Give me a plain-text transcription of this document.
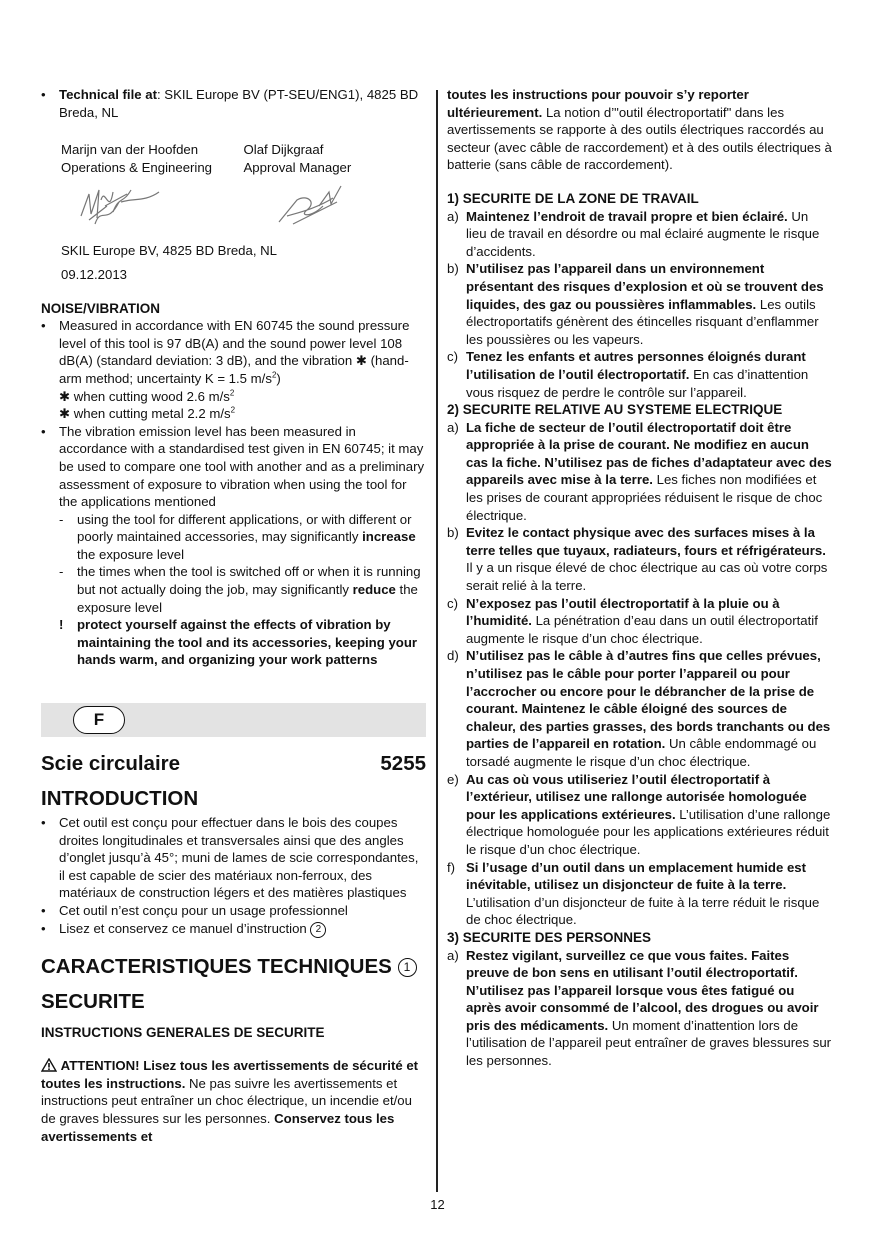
• Technical file at: SKIL Europe BV (PT-SEU/ENG1), 4825 BD Breda, NL

Marijn van der Hoofden
Operations & Engineering
Olaf Dijkgraaf
Approval Manager

SKIL Europe BV, 4825 BD Breda, NL

09.12.2013

NOISE/VIBRATION

• Measured in accordance with EN 60745 the sound pressure level of this tool is 97 dB(A) and the sound power level 108 dB(A) (standard deviation: 3 dB), and the vibration ✱ (hand-arm method; uncertainty K = 1.5 $m/s^2$)
✱ when cutting wood 2.6 $m/s^2$
✱ when cutting metal 2.2 $m/s^2$

• The vibration emission level has been measured in accordance with a standardised test given in EN 60745; it may be used to compare one tool with another and as a preliminary assessment of exposure to vibration when using the tool for the applications mentioned

- using the tool for different applications, or with different or poorly maintained accessories, may significantly increase the exposure level

- the times when the tool is switched off or when it is running but not actually doing the job, may significantly reduce the exposure level

! protect yourself against the effects of vibration by maintaining the tool and its accessories, keeping your hands warm, and organizing your work patterns

F
Scie circulaire	5255

INTRODUCTION

• Cet outil est conçu pour effectuer dans le bois des coupes droites longitudinales et transversales ainsi que des angles d’onglet jusqu’à 45°; muni de lames de scie correspondantes, il est capable de scier des matériaux non-ferroux, des matériaux de construction légers et des matières plastiques

• Cet outil n’est conçu pour un usage professionnel

• Lisez et conservez ce manuel d’instruction 2

CARACTERISTIQUES TECHNIQUES 1

SECURITE

INSTRUCTIONS GENERALES DE SECURITE

ATTENTION! Lisez tous les avertissements de sécurité et toutes les instructions. Ne pas suivre les avertissements et instructions peut entraîner un choc électrique, un incendie et/ou de graves blessures sur les personnes. Conservez tous les avertissements et

toutes les instructions pour pouvoir s’y reporter ultérieurement. La notion d’"outil électroportatif" dans les avertissements se rapporte à des outils électriques raccordés au secteur (avec câble de raccordement) et à des outils électriques à batterie (sans câble de raccordement).

1) SECURITE DE LA ZONE DE TRAVAIL

a) Maintenez l’endroit de travail propre et bien éclairé. Un lieu de travail en désordre ou mal éclairé augmente le risque d’accidents.

b) N’utilisez pas l’appareil dans un environnement présentant des risques d’explosion et où se trouvent des liquides, des gaz ou poussières inflammables. Les outils électroportatifs génèrent des étincelles risquant d’enflammer les poussières ou les vapeurs.

c) Tenez les enfants et autres personnes éloignés durant l’utilisation de l’outil électroportatif. En cas d’inattention vous risquez de perdre le contrôle sur l’appareil.

2) SECURITE RELATIVE AU SYSTEME ELECTRIQUE

a) La fiche de secteur de l’outil électroportatif doit être appropriée à la prise de courant. Ne modifiez en aucun cas la fiche. N’utilisez pas de fiches d’adaptateur avec des appareils avec mise à la terre. Les fiches non modifiées et les prises de courant appropriées réduisent le risque de choc électrique.

b) Evitez le contact physique avec des surfaces mises à la terre telles que tuyaux, radiateurs, fours et réfrigérateurs. Il y a un risque élevé de choc électrique au cas où votre corps serait relié à la terre.

c) N’exposez pas l’outil électroportatif à la pluie ou à l’humidité. La pénétration d’eau dans un outil électroportatif augmente le risque d’un choc électrique.

d) N’utilisez pas le câble à d’autres fins que celles prévues, n’utilisez pas le câble pour porter l’appareil ou pour l’accrocher ou encore pour le débrancher de la prise de courant. Maintenez le câble éloigné des sources de chaleur, des parties grasses, des bords tranchants ou des parties de l’appareil en rotation. Un câble endommagé ou torsadé augmente le risque d’un choc électrique.

e) Au cas où vous utiliseriez l’outil électroportatif à l’extérieur, utilisez une rallonge autorisée homologuée pour les applications extérieures. L’utilisation d’une rallonge électrique homologuée pour les applications extérieures réduit le risque d’un choc électrique.

f) Si l’usage d’un outil dans un emplacement humide est inévitable, utilisez un disjoncteur de fuite à la terre. L’utilisation d’un disjoncteur de fuite à la terre réduit le risque de choc électrique.

3) SECURITE DES PERSONNES

a) Restez vigilant, surveillez ce que vous faites. Faites preuve de bon sens en utilisant l’outil électroportatif. N’utilisez pas l’appareil lorsque vous êtes fatigué ou après avoir consommé de l’alcool, des drogues ou avoir pris des médicaments. Un moment d’inattention lors de l’utilisation de l’appareil peut entraîner de graves blessures sur les personnes.

12
